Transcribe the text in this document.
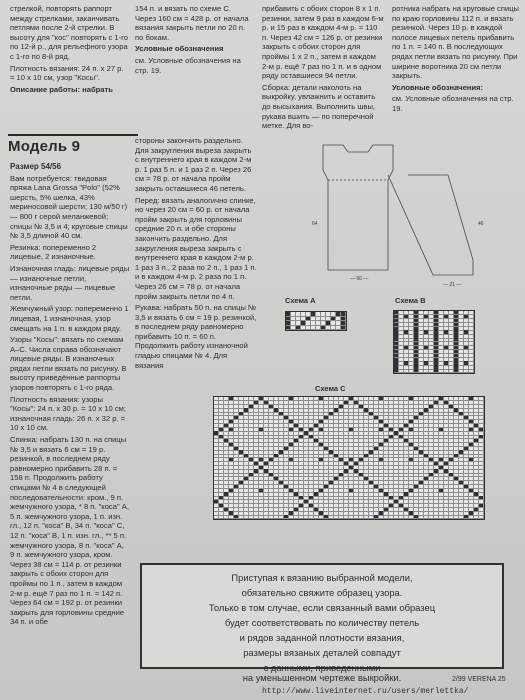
стрелкой, повторять раппорт между стрелками, заканчивать петлями после 2-й стрелки. В высоту для "кос" повторять с 1-го по 12-й р., для рельефного узора с 1-го по 8-й ряд.

Плотность вязания: 24 п. х 27 р. = 10 х 10 см, узор "Косы".

Описание работы: набрать

Модель 9

Размер 54/56

Вам потребуется: твидовая пряжа Lana Grossa "Polo" (52% шерсть, 5% шелка, 43% мериносовой шерсти; 130 м/50 г) — 800 г серой меланжевой; спицы № 3,5 и 4; круговые спицы № 3,5 длиной 40 см.

Резинка: попеременно 2 лицевые, 2 изнаночные.

Изнаночная гладь: лицевые ряды — изнаночные петли, изнаночные ряды — лицевые петли.

Жемчужный узор: попеременно 1 лицевая, 1 изнаночная, узор смещать на 1 п. в каждом ряду.

Узоры "Косы": вязать по схемам А–С. Числа справа обозначают лицевые ряды. В изнаночных рядах петли вязать по рисунку. В высоту приведённые раппорты узоров повторять с 1-го ряда.

Плотность вязания: узоры "Косы": 24 п. х 30 р. = 10 х 10 см; изнаночная гладь: 26 п. х 32 р. = 10 х 10 см.

Спинка: набрать 130 п. на спицы № 3,5 и вязать 6 см = 19 р. резинкой, в последнем ряду равномерно прибавить 28 п. = 158 п. Продолжить работу спицами № 4 в следующей последовательности: кром., 9 п. жемчужного узора, * 8 п. "коса" А, 5 п. жемчужного узора, 1 п. изн. гл., 12 п. "коса" В, 34 п. "коса" С, 12 п. "коса" В, 1 п. изн. гл., ** 5 п. жемчужного узора, 8 п. "коса" А, 9 п. жемчужного узора, кром. Через 38 см = 114 р. от резинки закрыть с обоих сторон для проймы по 1 п., затем в каждом 2-м р. ещё 7 раз по 1 п. = 142 п. Через 64 см = 192 р. от резинки закрыть для горловины средние 34 п. и обе

154 п. и вязать по схеме С. Через 160 см = 428 р. от начала вязания закрыть петли по 20 п. по бокам.

Условные обозначения

см. Условные обозначения на стр. 19.

стороны закончить раздельно. Для закругления выреза закрыть с внутреннего края в каждом 2-м р. 1 раз 5 п. и 1 раз 2 п. Через 26 см = 78 р. от начала пройм закрыть оставшиеся 46 петель.

Перед: вязать аналогично спинке, но через 20 см = 60 р. от начала пройм закрыть для горловины средние 20 п. и обе стороны закончить раздельно. Для закругления выреза закрыть с внутреннего края в каждом 2-м р. 1 раз 3 п., 2 раза по 2 п., 1 раз 1 п. и в каждом 4-м р. 2 раза по 1 п. Через 26 см = 78 р. от начала пройм закрыть петли по 4 п.

Рукава: набрать 50 п. на спицы № 3,5 и вязать 6 см = 19 р. резинкой, в последнем ряду равномерно прибавить 10 п. = 60 п. Продолжить работу изнаночной гладью спицами № 4. Для вязания

прибавить с обоих сторон 8 х 1 п. резинки, затем 9 раз в каждом 6-м р. и 15 раз в каждом 4-м р. = 110 п. Через 42 см = 126 р. от резинки закрыть с обоих сторон для проймы 1 х 2 п., затем в каждом 2-м р. ещё 7 раз по 1 п. и в одном ряду оставшиеся 94 петли.

Сборка: детали наколоть на выкройку, увлажнить и оставить до высыхания. Выполнить швы, рукава вшить — по поперечной метке. Для во-

ротника набрать на круговые спицы по краю горловины 112 п. и вязать резинкой. Через 10 р. в каждой полосе лицевых петель прибавить по 1 п. = 140 п. В последующих рядах петли вязать по рисунку. При ширине воротника 20 см петли закрыть.

Условные обозначения:

см. Условные обозначения на стр. 19.

— 66 —
64
— 21 —
46
Схема А	Схема В
Схема С

Приступая к вязанию выбранной модели,

обязательно свяжите образец узора.

Только в том случае, если связанный вами образец

будет соответствовать по количеству петель

и рядов заданной плотности вязания,

размеры вязаных деталей совпадут

с данными, приведенными

на уменьшенном чертеже выкройки.	2/99 VERENA 25
http://www.liveinternet.ru/users/merlettka/
